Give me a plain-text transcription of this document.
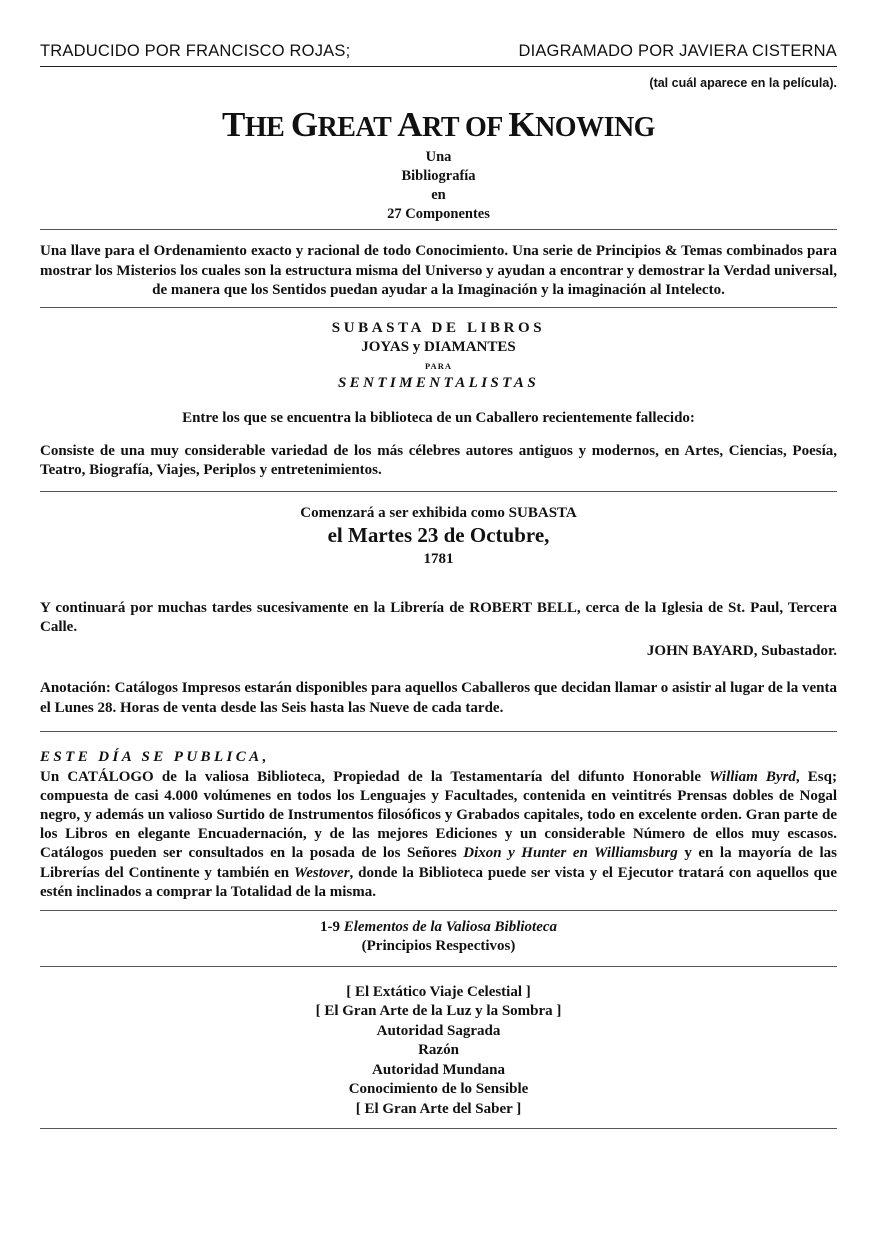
TRADUCIDO POR FRANCISCO ROJAS;	DIAGRAMADO POR JAVIERA CISTERNA
(tal cuál aparece en la película).
THE GREAT ART OF KNOWING
Una
Bibliografía
en
27 Componentes
Una llave para el Ordenamiento exacto y racional de todo Conocimiento. Una serie de Principios & Temas combinados para mostrar los Misterios los cuales son la estructura misma del Universo y ayudan a encontrar y demostrar la Verdad universal, de manera que los Sentidos puedan ayudar a la Imaginación y la imaginación al Intelecto.
SUBASTA DE LIBROS
JOYAS y DIAMANTES
PARA
SENTIMENTALISTAS
Entre los que se encuentra la biblioteca de un Caballero recientemente fallecido:
Consiste de una muy considerable variedad de los más célebres autores antiguos y modernos, en Artes, Ciencias, Poesía, Teatro, Biografía, Viajes, Periplos y entretenimientos.
Comenzará a ser exhibida como SUBASTA
el Martes 23 de Octubre,
1781
Y continuará por muchas tardes sucesivamente en la Librería de ROBERT BELL, cerca de la Iglesia de St. Paul, Tercera Calle.
JOHN BAYARD, Subastador.
Anotación: Catálogos Impresos estarán disponibles para aquellos Caballeros que decidan llamar o asistir al lugar de la venta el Lunes 28. Horas de venta desde las Seis hasta las Nueve de cada tarde.
ESTE DÍA SE PUBLICA,
Un CATÁLOGO de la valiosa Biblioteca, Propiedad de la Testamentaría del difunto Honorable William Byrd, Esq; compuesta de casi 4.000 volúmenes en todos los Lenguajes y Facultades, contenida en veintitrés Prensas dobles de Nogal negro, y además un valioso Surtido de Instrumentos filosóficos y Grabados capitales, todo en excelente orden. Gran parte de los Libros en elegante Encuadernación, y de las mejores Ediciones y un considerable Número de ellos muy escasos. Catálogos pueden ser consultados en la posada de los Señores Dixon y Hunter en Williamsburg y en la mayoría de las Librerías del Continente y también en Westover, donde la Biblioteca puede ser vista y el Ejecutor tratará con aquellos que estén inclinados a comprar la Totalidad de la misma.
1-9 Elementos de la Valiosa Biblioteca
(Principios Respectivos)
[ El Extático Viaje Celestial ]
[ El Gran Arte de la Luz y la Sombra ]
Autoridad Sagrada
Razón
Autoridad Mundana
Conocimiento de lo Sensible
[ El Gran Arte del Saber ]
